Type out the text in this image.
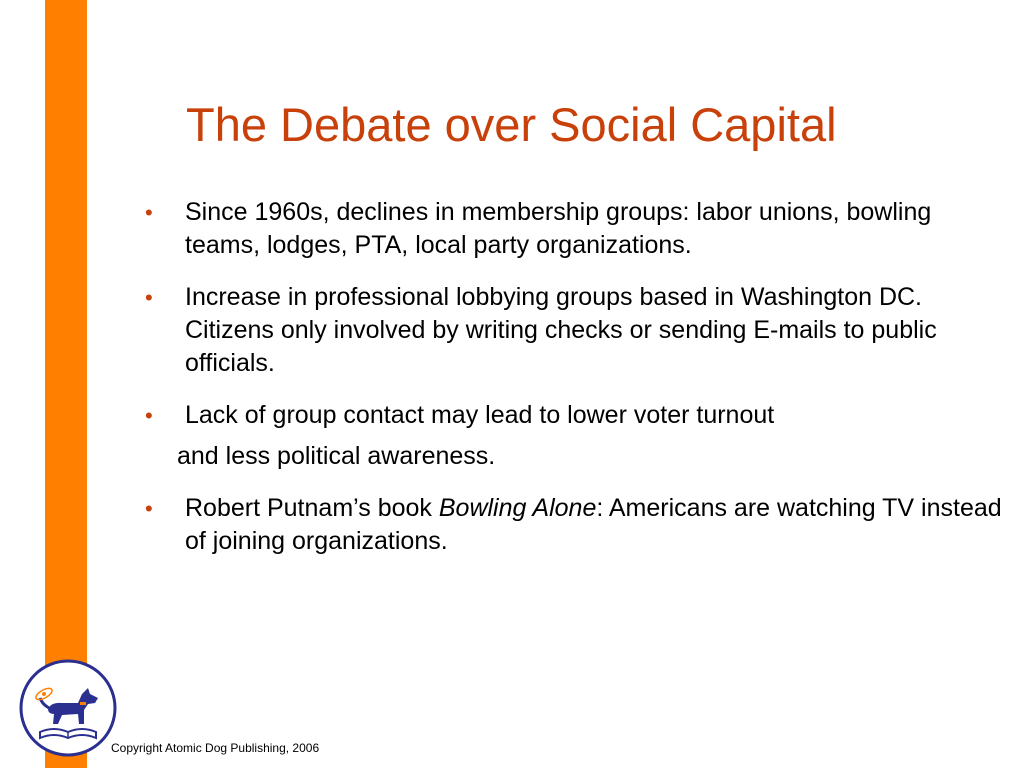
The Debate over Social Capital
• Since 1960s, declines in membership groups: labor unions, bowling teams, lodges, PTA, local party organizations.
• Increase in professional lobbying groups based in Washington DC. Citizens only involved by writing checks or sending E-mails to public officials.
• Lack of group contact may lead to lower voter turnout
and less political awareness.
• Robert Putnam’s book Bowling Alone: Americans are watching TV instead of joining organizations.
Copyright Atomic Dog Publishing, 2006
